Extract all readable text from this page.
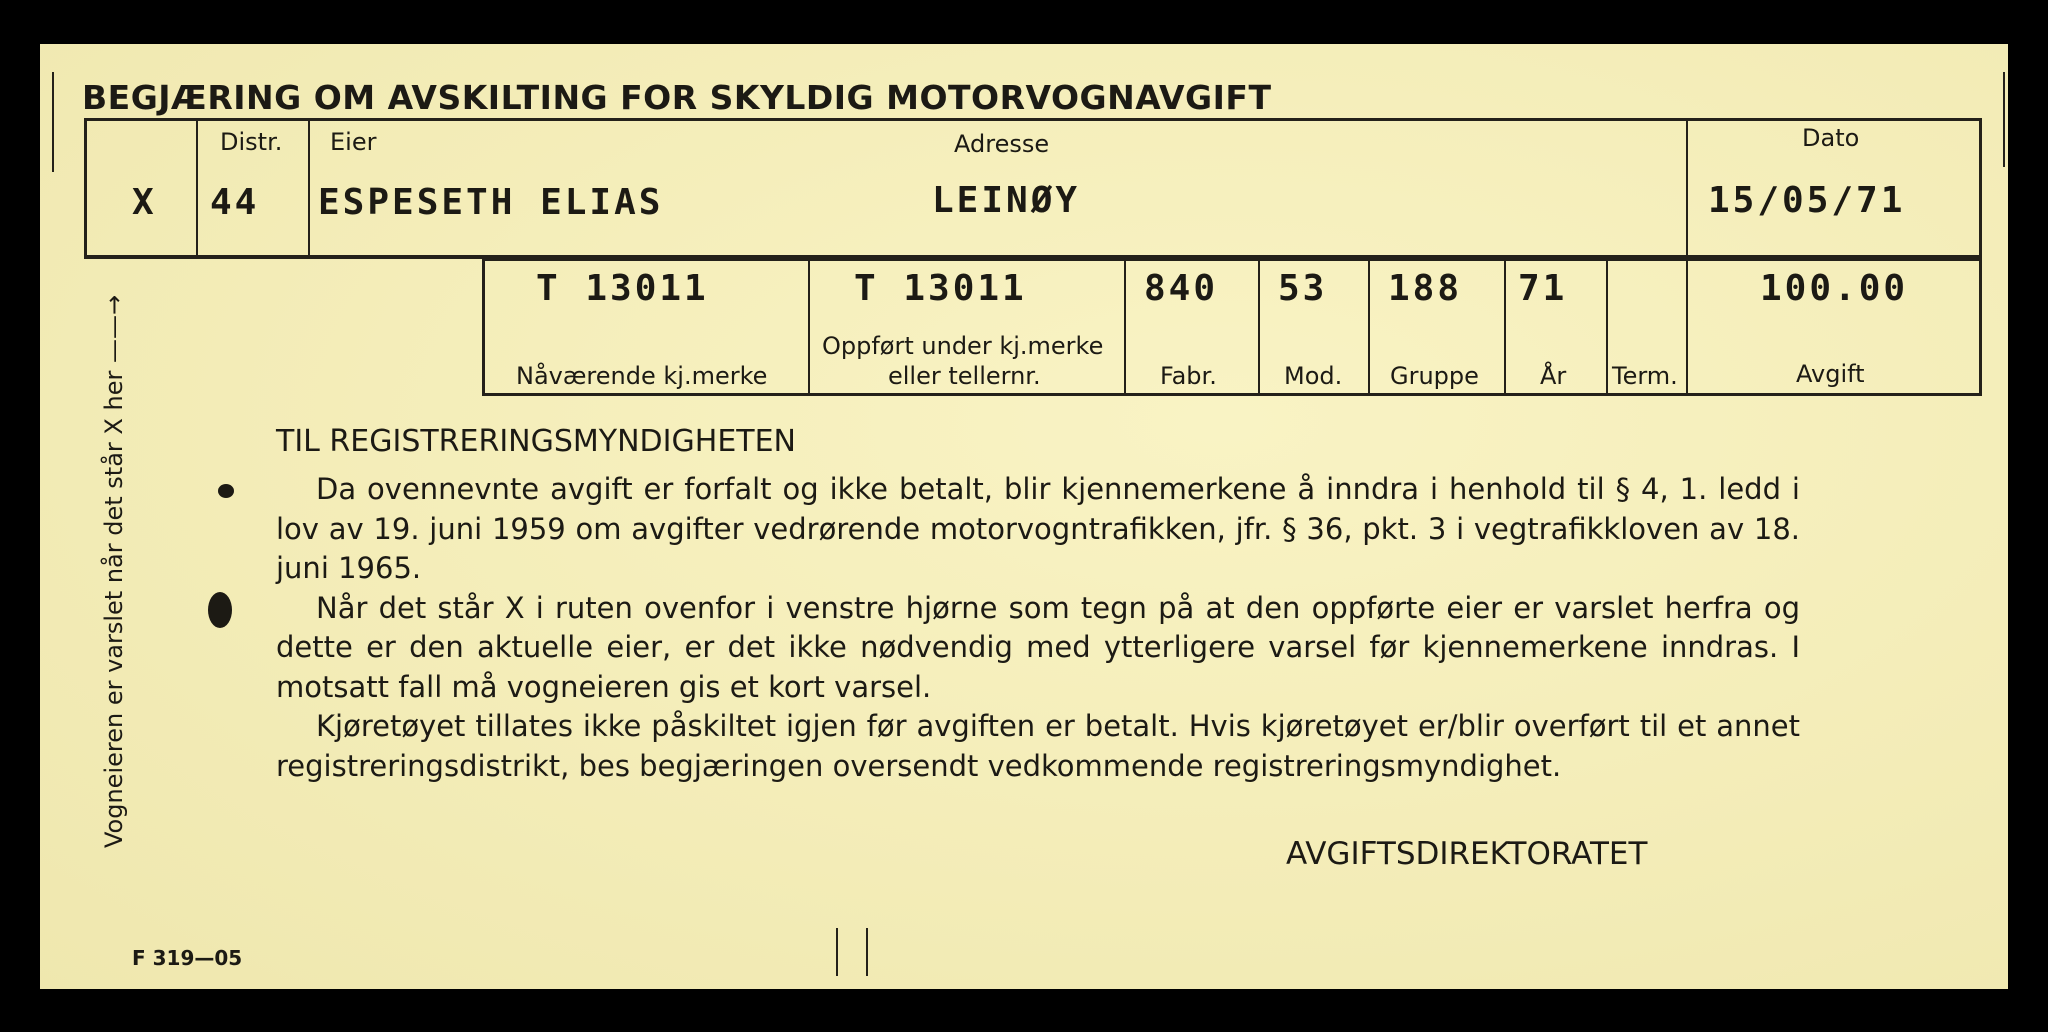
BEGJÆRING OM AVSKILTING FOR SKYLDIG MOTORVOGNAVGIFT
X
Distr.
44
Eier
ESPESETH ELIAS
Adresse
LEINØY
Dato
15/05/71
T 13011
Nåværende kj.merke
T 13011
Oppført under kj.merke
eller tellernr.
840
Fabr.
53
Mod.
188
Gruppe
71
År Term.
100.00
Avgift
Vogneieren er varslet når det står X her ——→	TIL REGISTRERINGSMYNDIGHETEN

Da ovennevnte avgift er forfalt og ikke betalt, blir kjennemerkene å inndra i henhold til § 4, 1. ledd i lov av 19. juni 1959 om avgifter vedrørende motorvogntrafikken, jfr. § 36, pkt. 3 i vegtrafikkloven av 18. juni 1965.

Når det står X i ruten ovenfor i venstre hjørne som tegn på at den oppførte eier er varslet herfra og dette er den aktuelle eier, er det ikke nødvendig med ytterligere varsel før kjennemerkene inndras. I motsatt fall må vogneieren gis et kort varsel.

Kjøretøyet tillates ikke påskiltet igjen før avgiften er betalt. Hvis kjøretøyet er/blir overført til et annet registreringsdistrikt, bes begjæringen oversendt vedkommende registreringsmyndighet.

AVGIFTSDIREKTORATET
F 319—05
